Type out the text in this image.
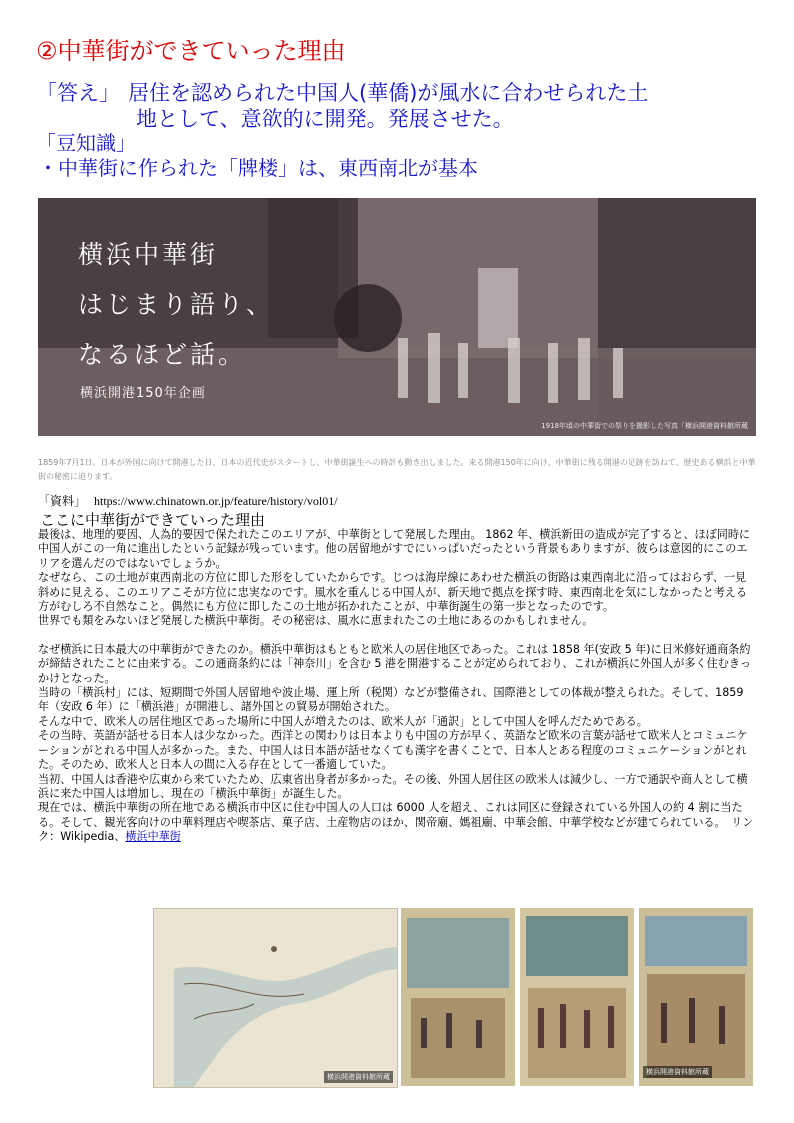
②中華街ができていった理由
「答え」 居住を認められた中国人(華僑)が風水に合わせられた土
地として、意欲的に開発。発展させた。
「豆知識」
・中華街に作られた「牌楼」は、東西南北が基本
横浜中華街
はじまり語り、
なるほど話。
横浜開港150年企画
1918年頃の中華街での祭りを撮影した写真「横浜開港資料館所蔵
1859年7月1日。日本が外国に向けて開港した日、日本の近代史がスタートし、中華街誕生への時計も動き出しました。来る開港150年に向け、中華街に残る開港の足跡を訪ねて、歴史ある横浜と中華街の秘密に迫ります。
「資料」 https://www.chinatown.or.jp/feature/history/vol01/
ここに中華街ができていった理由

最後は、地理的要因、人為的要因で保たれたこのエリアが、中華街として発展した理由。 1862 年、横浜新田の造成が完了すると、ほぼ同時に中国人がこの一角に進出したという記録が残っています。他の居留地がすでにいっぱいだったという背景もありますが、彼らは意図的にこのエリアを選んだのではないでしょうか。

なぜなら、この土地が東西南北の方位に即した形をしていたからです。じつは海岸線にあわせた横浜の街路は東西南北に沿ってはおらず、一見斜めに見える、このエリアこそが方位に忠実なのです。風水を重んじる中国人が、新天地で拠点を探す時、東西南北を気にしなかったと考える方がむしろ不自然なこと。偶然にも方位に即したこの土地が拓かれたことが、中華街誕生の第一歩となったのです。

世界でも類をみないほど発展した横浜中華街。その秘密は、風水に恵まれたこの土地にあるのかもしれません。

なぜ横浜に日本最大の中華街ができたのか。横浜中華街はもともと欧米人の居住地区であった。これは 1858 年(安政 5 年)に日米修好通商条約が締結されたことに由来する。この通商条約には「神奈川」を含む 5 港を開港することが定められており、これが横浜に外国人が多く住むきっかけとなった。

当時の「横浜村」には、短期間で外国人居留地や波止場、運上所（税関）などが整備され、国際港としての体裁が整えられた。そして、1859 年（安政 6 年）に「横浜港」が開港し、諸外国との貿易が開始された。

そんな中で、欧米人の居住地区であった場所に中国人が増えたのは、欧米人が「通訳」として中国人を呼んだためである。

その当時、英語が話せる日本人は少なかった。西洋との関わりは日本よりも中国の方が早く、英語など欧米の言葉が話せて欧米人とコミュニケーションがとれる中国人が多かった。また、中国人は日本語が話せなくても漢字を書くことで、日本人とある程度のコミュニケーションがとれた。そのため、欧米人と日本人の間に入る存在として一番適していた。

当初、中国人は香港や広東から来ていたため、広東省出身者が多かった。その後、外国人居住区の欧米人は減少し、一方で通訳や商人として横浜に来た中国人は増加し、現在の「横浜中華街」が誕生した。

現在では、横浜中華街の所在地である横浜市中区に住む中国人の人口は 6000 人を超え、これは同区に登録されている外国人の約 4 割に当たる。そして、観光客向けの中華料理店や喫茶店、菓子店、土産物店のほか、関帝廟、媽祖廟、中華会館、中華学校などが建てられている。　リンク：Wikipedia、横浜中華街

横浜開港資料館所蔵
横浜開港資料館所蔵
